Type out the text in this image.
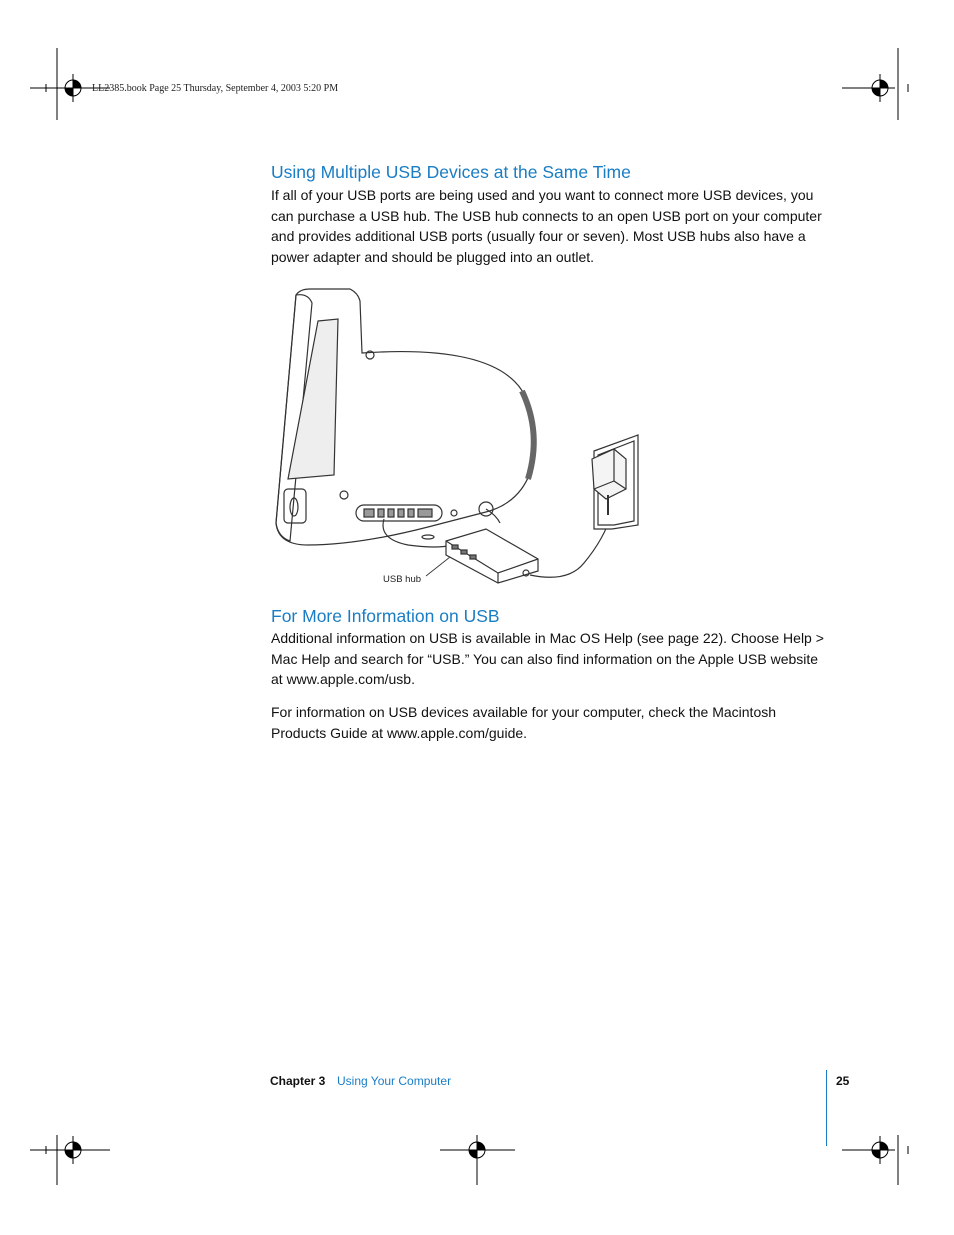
LL2385.book Page 25 Thursday, September 4, 2003 5:20 PM
Using Multiple USB Devices at the Same Time

If all of your USB ports are being used and you want to connect more USB devices, you can purchase a USB hub. The USB hub connects to an open USB port on your computer and provides additional USB ports (usually four or seven). Most USB hubs also have a power adapter and should be plugged into an outlet.

USB hub
For More Information on USB

Additional information on USB is available in Mac OS Help (see page 22). Choose Help > Mac Help and search for “USB.” You can also find information on the Apple USB website at www.apple.com/usb.

For information on USB devices available for your computer, check the Macintosh Products Guide at www.apple.com/guide.

Chapter 3 Using Your Computer	25
